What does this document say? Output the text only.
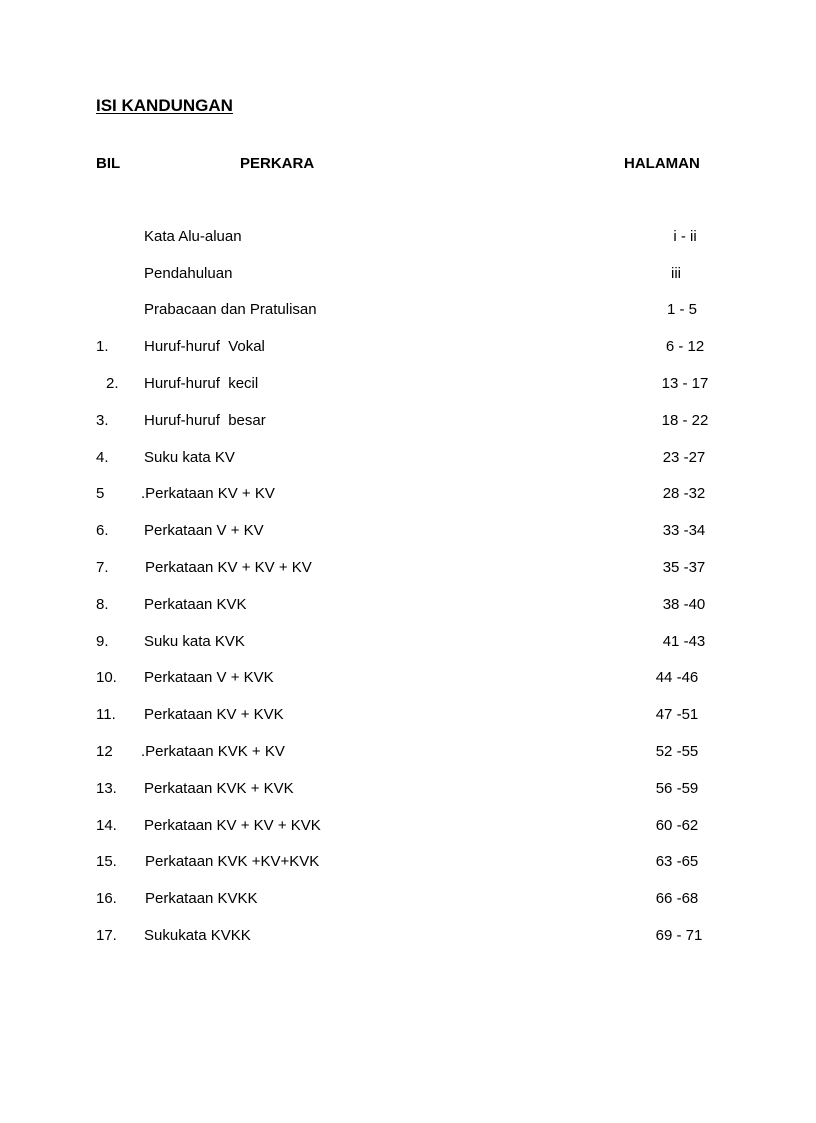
ISI KANDUNGAN
BIL	PERKARA	HALAMAN
Kata Alu-aluan	i - ii
Pendahuluan	iii
Prabacaan dan Pratulisan	1 - 5
1. Huruf-huruf  Vokal	6 - 12
2. Huruf-huruf  kecil	13 - 17
3. Huruf-huruf  besar	18 - 22
4. Suku kata KV	23 -27
5 .Perkataan KV + KV	28 -32
6. Perkataan V + KV	33 -34
7. Perkataan KV + KV + KV	35 -37
8. Perkataan KVK	38 -40
9. Suku kata KVK	41 -43
10. Perkataan V + KVK	44 -46
11. Perkataan KV + KVK	47 -51
12 .Perkataan KVK + KV	52 -55
13. Perkataan KVK + KVK	56 -59
14. Perkataan KV + KV + KVK	60 -62
15. Perkataan KVK +KV+KVK	63 -65
16. Perkataan KVKK	66 -68
17. Sukukata KVKK	69 - 71
